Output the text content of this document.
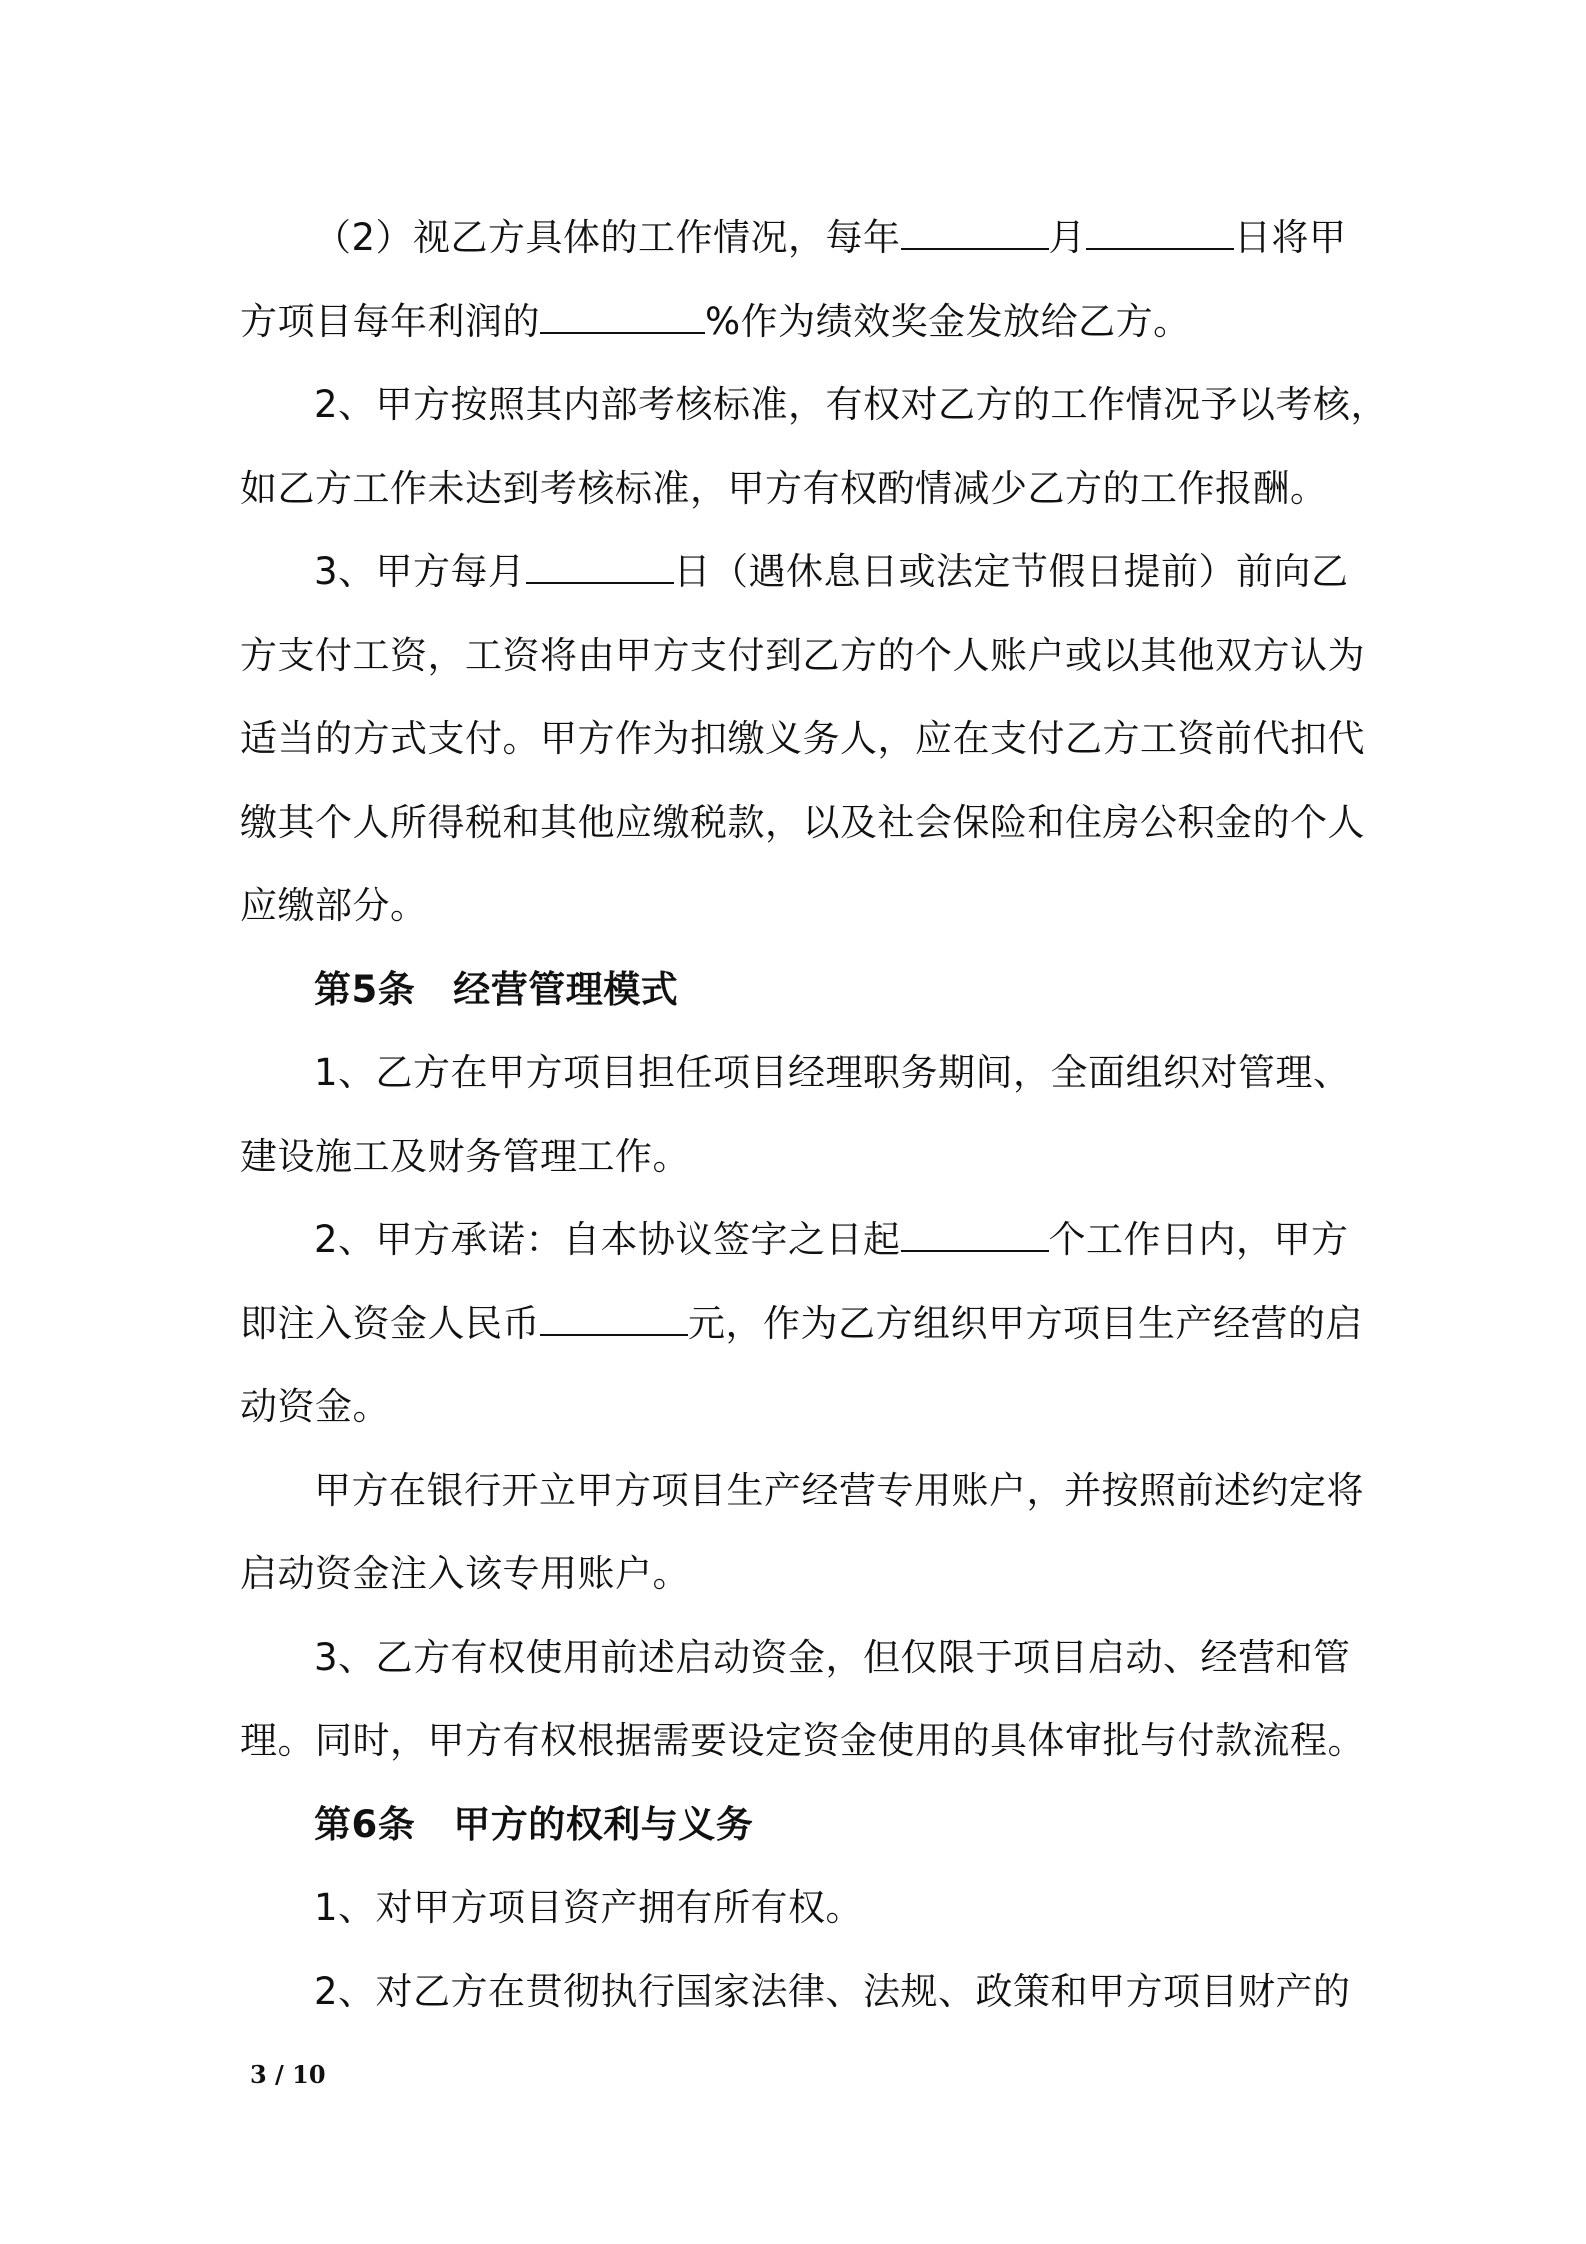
（2）视乙方具体的工作情况，每年	月	日将甲
方项目每年利润的	%作为绩效奖金发放给乙方。
2、甲方按照其内部考核标准，有权对乙方的工作情况予以考核，
如乙方工作未达到考核标准，甲方有权酌情减少乙方的工作报酬。
3、甲方每月	日（遇休息日或法定节假日提前）前向乙
方支付工资，工资将由甲方支付到乙方的个人账户或以其他双方认为
适当的方式支付。甲方作为扣缴义务人，应在支付乙方工资前代扣代
缴其个人所得税和其他应缴税款，以及社会保险和住房公积金的个人
应缴部分。
第5条 经营管理模式
1、乙方在甲方项目担任项目经理职务期间，全面组织对管理、
建设施工及财务管理工作。
2、甲方承诺：自本协议签字之日起	个工作日内，甲方
即注入资金人民币	元，作为乙方组织甲方项目生产经营的启
动资金。
甲方在银行开立甲方项目生产经营专用账户，并按照前述约定将
启动资金注入该专用账户。
3、乙方有权使用前述启动资金，但仅限于项目启动、经营和管
理。同时，甲方有权根据需要设定资金使用的具体审批与付款流程。
第6条 甲方的权利与义务
1、对甲方项目资产拥有所有权。
2、对乙方在贯彻执行国家法律、法规、政策和甲方项目财产的
3 / 10
